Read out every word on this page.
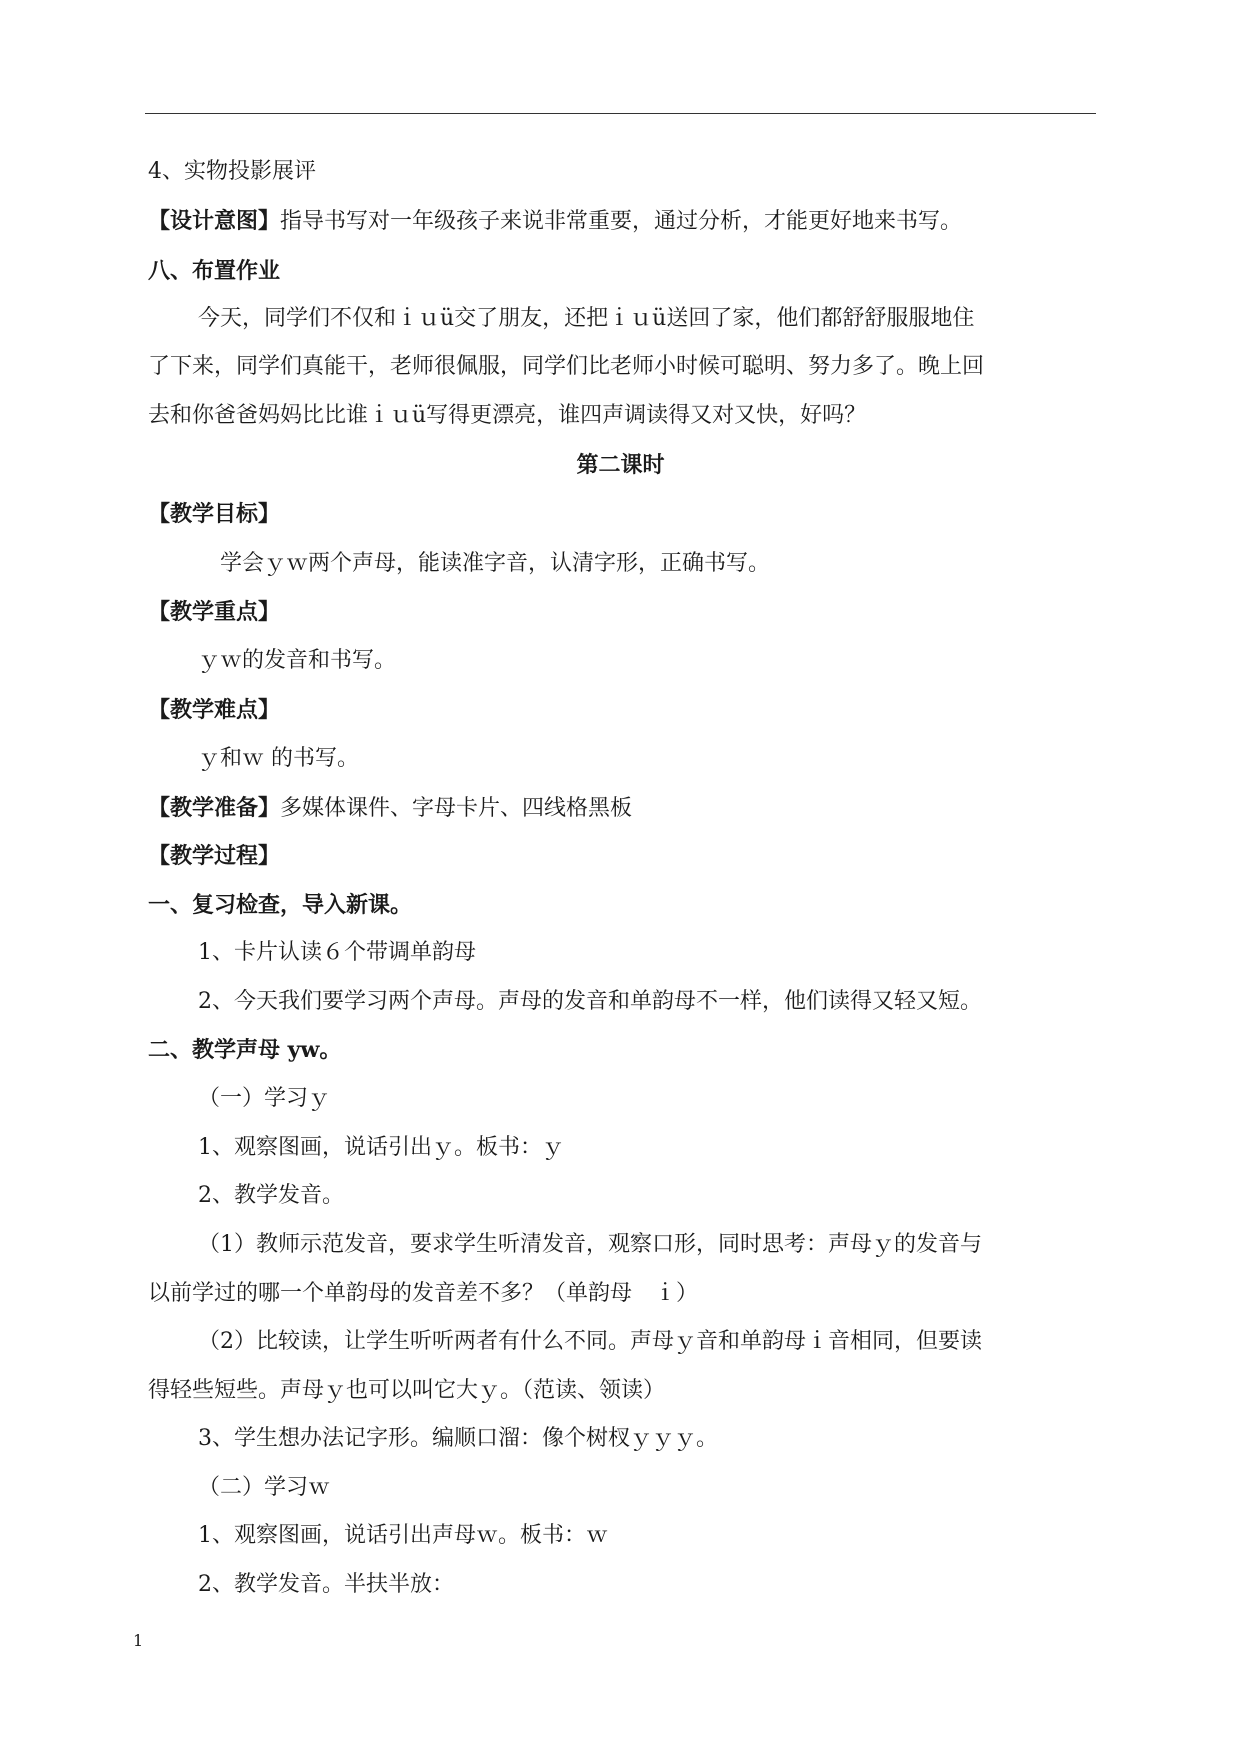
4、实物投影展评
【设计意图】指导书写对一年级孩子来说非常重要，通过分析，才能更好地来书写。
八、布置作业
今天，同学们不仅和ｉｕü交了朋友，还把ｉｕü送回了家，他们都舒舒服服地住
了下来，同学们真能干，老师很佩服，同学们比老师小时候可聪明、努力多了。晚上回
去和你爸爸妈妈比比谁ｉｕü写得更漂亮，谁四声调读得又对又快，好吗？
第二课时
【教学目标】
学会ｙｗ两个声母，能读准字音，认清字形，正确书写。
【教学重点】
ｙｗ的发音和书写。
【教学难点】
ｙ和ｗ 的书写。
【教学准备】多媒体课件、字母卡片、四线格黑板
【教学过程】
一、复习检查，导入新课。
1、卡片认读６个带调单韵母
2、今天我们要学习两个声母。声母的发音和单韵母不一样，他们读得又轻又短。
二、教学声母 yw。
（一）学习ｙ
1、观察图画，说话引出ｙ。板书：ｙ
2、教学发音。
（1）教师示范发音，要求学生听清发音，观察口形，同时思考：声母ｙ的发音与
以前学过的哪一个单韵母的发音差不多？（单韵母　ｉ）
（2）比较读，让学生听听两者有什么不同。声母ｙ音和单韵母ｉ音相同，但要读
得轻些短些。声母ｙ也可以叫它大ｙ。（范读、领读）
3、学生想办法记字形。编顺口溜：像个树杈ｙｙｙ。
（二）学习ｗ
1、观察图画，说话引出声母ｗ。板书：ｗ
2、教学发音。半扶半放：
1
